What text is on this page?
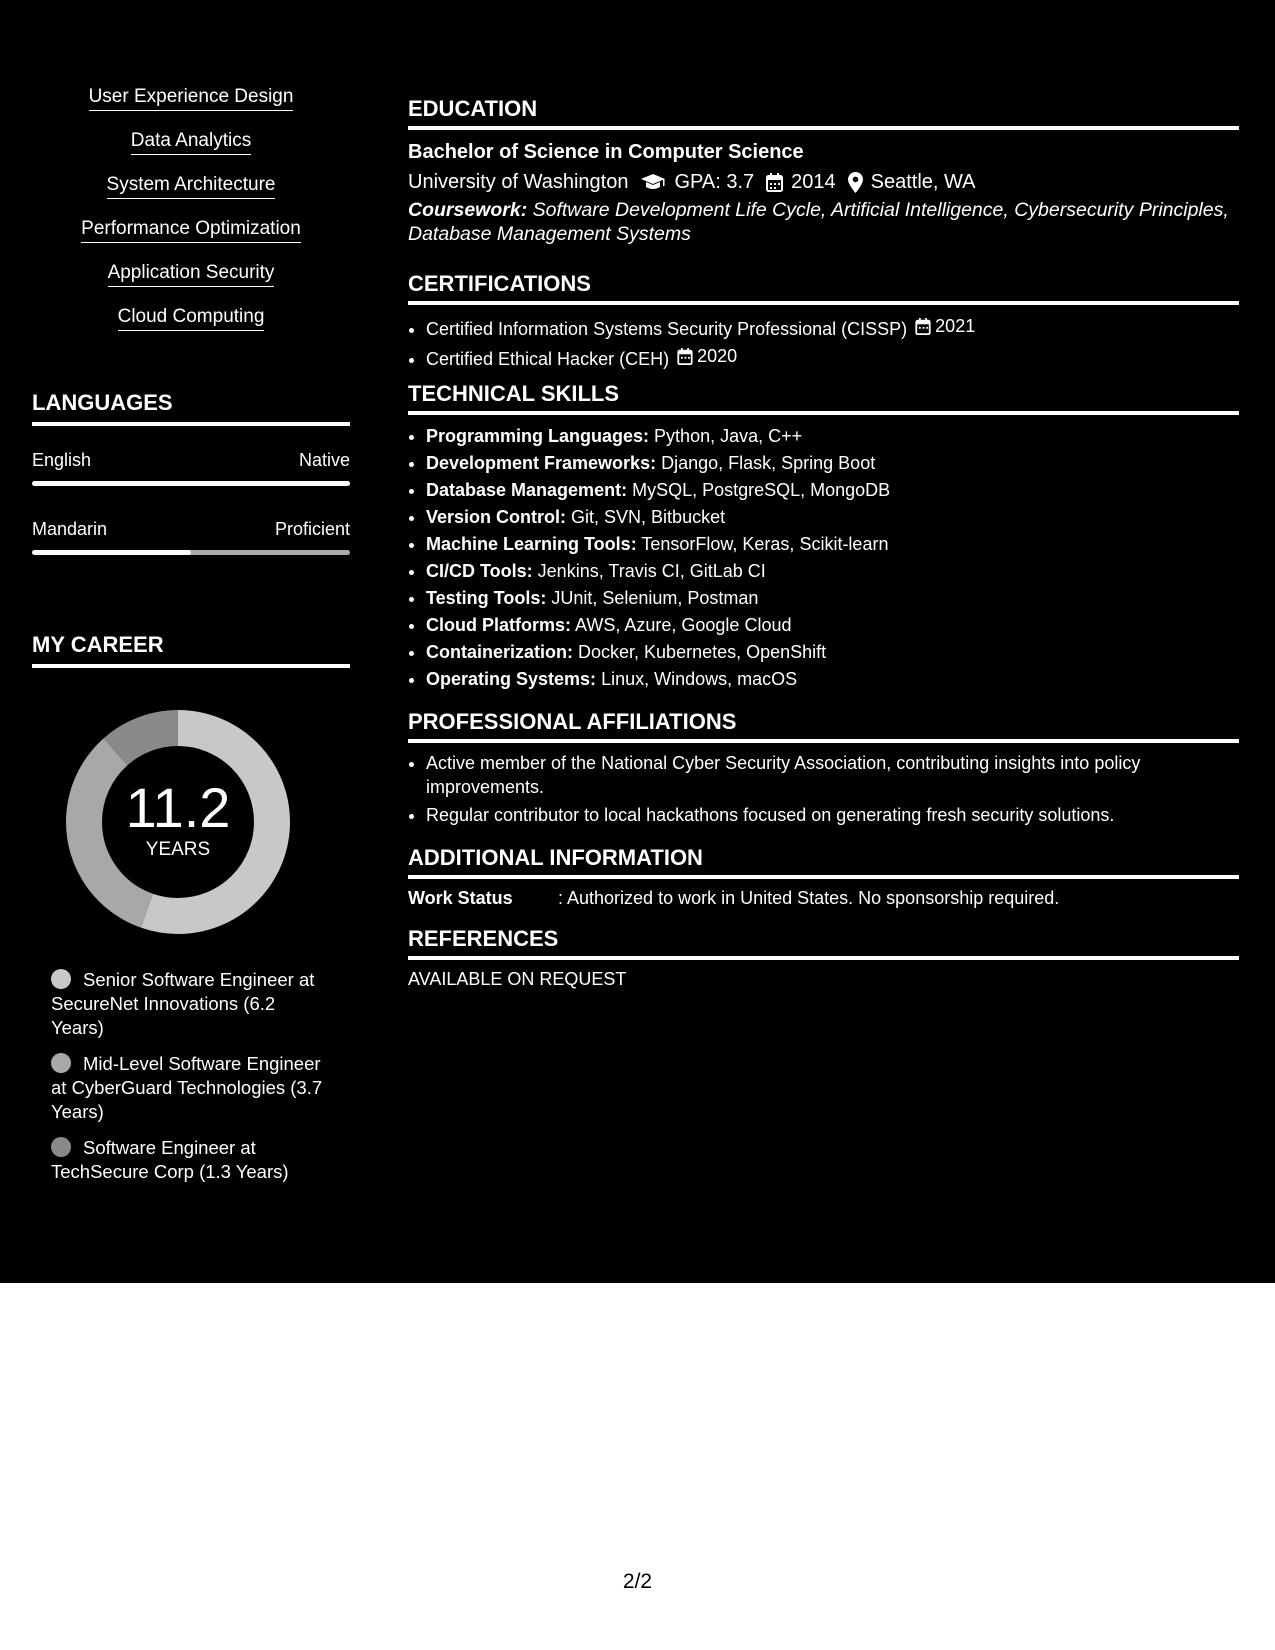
User Experience Design
Data Analytics
System Architecture
Performance Optimization
Application Security
Cloud Computing
LANGUAGES
English	Native
Mandarin	Proficient
MY CAREER
11.2
YEARS
Senior Software Engineer at SecureNet Innovations (6.2 Years)
Mid-Level Software Engineer at CyberGuard Technologies (3.7 Years)
Software Engineer at TechSecure Corp (1.3 Years)
EDUCATION
Bachelor of Science in Computer Science
University of Washington GPA: 3.7 2014 Seattle, WA
Coursework: Software Development Life Cycle, Artificial Intelligence, Cybersecurity Principles, Database Management Systems
CERTIFICATIONS
• Certified Information Systems Security Professional (CISSP) 2021
• Certified Ethical Hacker (CEH) 2020
TECHNICAL SKILLS
• Programming Languages: Python, Java, C++
• Development Frameworks: Django, Flask, Spring Boot
• Database Management: MySQL, PostgreSQL, MongoDB
• Version Control: Git, SVN, Bitbucket
• Machine Learning Tools: TensorFlow, Keras, Scikit-learn
• CI/CD Tools: Jenkins, Travis CI, GitLab CI
• Testing Tools: JUnit, Selenium, Postman
• Cloud Platforms: AWS, Azure, Google Cloud
• Containerization: Docker, Kubernetes, OpenShift
• Operating Systems: Linux, Windows, macOS
PROFESSIONAL AFFILIATIONS
• Active member of the National Cyber Security Association, contributing insights into policy improvements.
• Regular contributor to local hackathons focused on generating fresh security solutions.
ADDITIONAL INFORMATION
Work Status	: Authorized to work in United States. No sponsorship required.
REFERENCES
AVAILABLE ON REQUEST
2/2
